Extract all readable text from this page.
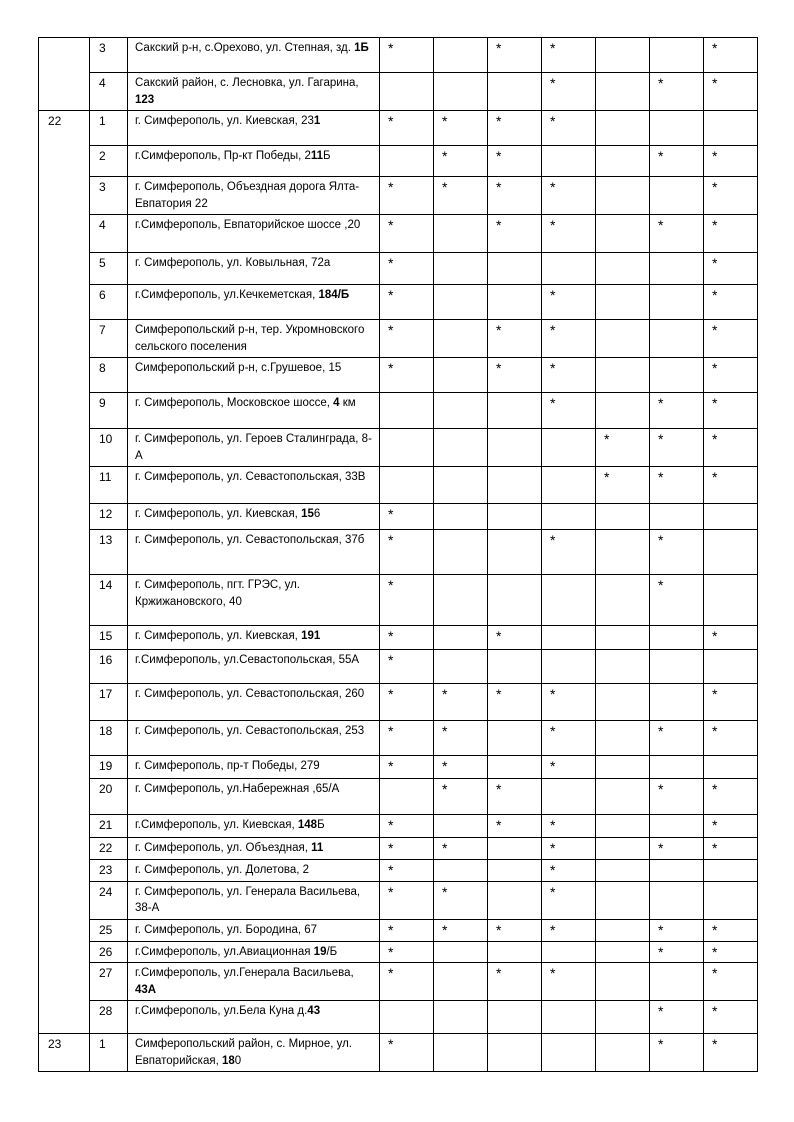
	3	Сакский р-н, с.Орехово, ул. Степная, зд. 1Б	*		*	*			*
	4	Сакский район, с. Лесновка, ул. Гагарина, 123				*		*	*
22	1	г. Симферополь, ул. Киевская, 231	*	*	*	*			
	2	г.Симферополь, Пр-кт Победы, 211Б		*	*			*	*
	3	г. Симферополь, Объездная дорога Ялта-Евпатория 22	*	*	*	*			*
	4	г.Симферополь, Евпаторийское шоссе ,20	*		*	*		*	*
	5	г. Симферополь, ул. Ковыльная, 72а	*						*
	6	г.Симферополь, ул.Кечкеметская, 184/Б	*			*			*
	7	Симферопольский р-н, тер. Укромновского сельского поселения	*		*	*			*
	8	Симферопольский р-н, с.Грушевое, 15	*		*	*			*
	9	г. Симферополь, Московское шоссе, 4 км				*		*	*
	10	г. Симферополь, ул. Героев Сталинграда, 8-А					*	*	*
	11	г. Симферополь, ул. Севастопольская, 33В					*	*	*
	12	г. Симферополь, ул. Киевская, 156	*						
	13	г. Симферополь, ул. Севастопольская, 37б	*			*		*	
	14	г. Симферополь, пгт. ГРЭС, ул. Кржижановского, 40	*					*	
	15	г. Симферополь, ул. Киевская, 191	*		*				*
	16	г.Симферополь, ул.Севастопольская, 55А	*						
	17	г. Симферополь, ул. Севастопольская, 260	*	*	*	*			*
	18	г. Симферополь, ул. Севастопольская, 253	*	*		*		*	*
	19	г. Симферополь, пр-т Победы, 279	*	*		*			
	20	г. Симферополь, ул.Набережная ,65/А		*	*			*	*
	21	г.Симферополь, ул. Киевская, 148Б	*		*	*			*
	22	г. Симферополь, ул. Объездная, 11	*	*		*		*	*
	23	г. Симферополь, ул. Долетова, 2	*			*			
	24	г. Симферополь, ул. Генерала Васильева, 38-А	*	*		*			
	25	г. Симферополь, ул. Бородина, 67	*	*	*	*		*	*
	26	г.Симферополь, ул.Авиационная 19/Б	*					*	*
	27	г.Симферополь, ул.Генерала Васильева, 43А	*		*	*			*
	28	г.Симферополь, ул.Бела Куна д.43						*	*
23	1	Симферопольский район, с. Мирное, ул. Евпаторийская, 180	*					*	*
